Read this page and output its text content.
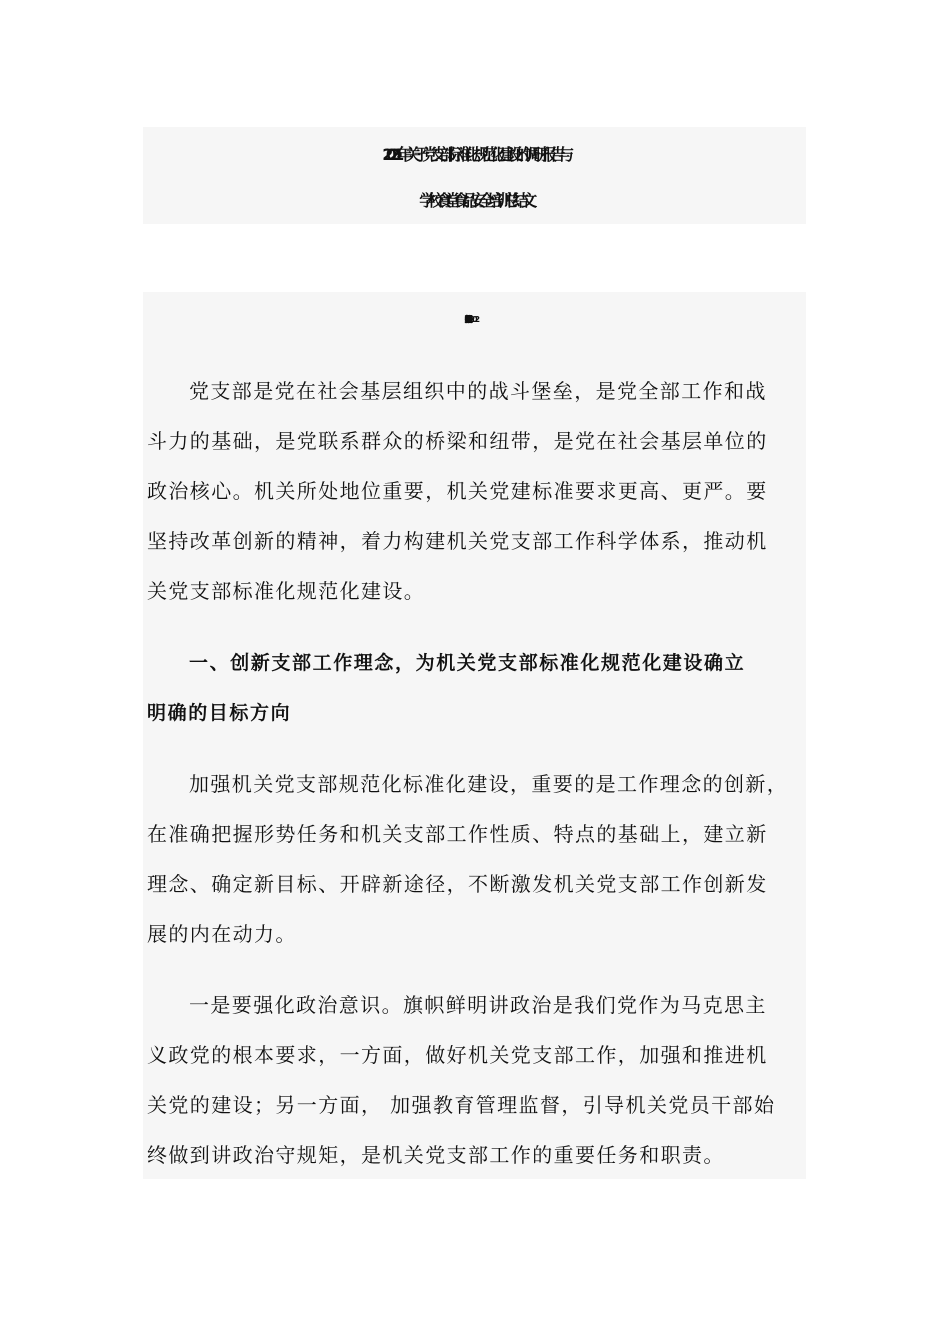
2021年关于党支部标准化规范化建设的调研报告与
学校食堂食品安全培训总结文
党支部是党在社会基层组织中的战斗堡垒，是党全部工作和战
斗力的基础，是党联系群众的桥梁和纽带，是党在社会基层单位的
政治核心。机关所处地位重要，机关党建标准要求更高、更严。要
坚持改革创新的精神，着力构建机关党支部工作科学体系，推动机
关党支部标准化规范化建设。
一、创新支部工作理念，为机关党支部标准化规范化建设确立
明确的目标方向
加强机关党支部规范化标准化建设，重要的是工作理念的创新，
在准确把握形势任务和机关支部工作性质、特点的基础上，建立新
理念、确定新目标、开辟新途径，不断激发机关党支部工作创新发
展的内在动力。
一是要强化政治意识。旗帜鲜明讲政治是我们党作为马克思主
义政党的根本要求，一方面，做好机关党支部工作，加强和推进机
关党的建设；另一方面， 加强教育管理监督，引导机关党员干部始
终做到讲政治守规矩，是机关党支部工作的重要任务和职责。
